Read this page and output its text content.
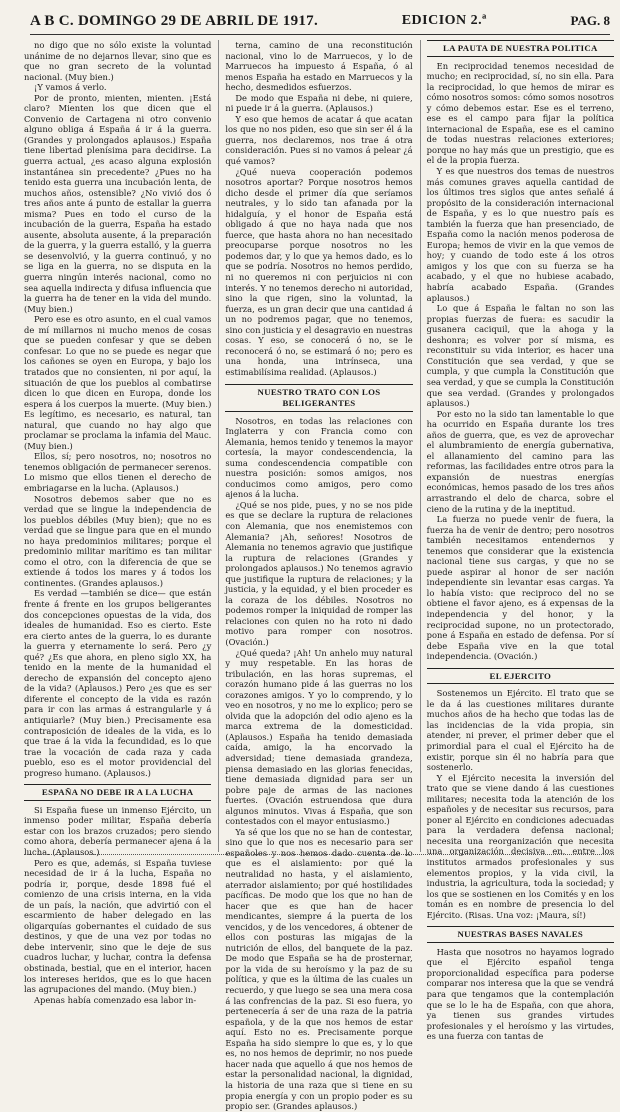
A B C. DOMINGO 29 DE ABRIL DE 1917.	EDICION 2.ª	PAG. 8

no digo que no sólo existe la voluntad unánime de no dejarnos llevar, sino que es que no gran secreto de la voluntad nacional. (Muy bien.)

¡Y vamos á verlo.

Por de pronto, mienten, mienten. ¡Está claro? Mienten los que dicen que el Convenio de Cartagena ni otro convenio alguno obliga á España á ir á la guerra. (Grandes y prolongados aplausos.) España tiene libertad plenísima para decidirse. La guerra actual, ¿es acaso alguna explosión instantánea sin precedente? ¿Pues no ha tenido esta guerra una incubación lenta, de muchos años, ostensible? ¿No vivió dos ó tres años ante á punto de estallar la guerra misma? Pues en todo el curso de la incubación de la guerra, España ha estado ausente, absoluta ausente, á la preparación de la guerra, y la guerra estalló, y la guerra se desenvolvió, y la guerra continuó, y no se liga en la guerra, no se disputa en la guerra ningún interés nacional, como no sea aquella indirecta y difusa influencia que la guerra ha de tener en la vida del mundo. (Muy bien.)

Pero ese es otro asunto, en el cual vamos de mí millarnos ni mucho menos de cosas que se pueden confesar y que se deben confesar. Lo que no se puede es negar que los cañones se oyen en Europa, y bajo los tratados que no consienten, ni por aquí, la situación de que los pueblos al combatirse dicen lo que dicen en Europa, donde los espera á los cuerpos la muerte. (Muy bien.) Es legítimo, es necesario, es natural, tan natural, que cuando no hay algo que proclamar se proclama la infamia del Mauc. (Muy bien.)

Ellos, sí; pero nosotros, no; nosotros no tenemos obligación de permanecer serenos. Lo mismo que ellos tienen el derecho de embriagarse en la lucha. (Aplausos.)

Nosotros debemos saber que no es verdad que se lingue la independencia de los pueblos débiles (Muy bien); que no es verdad que se lingue para que en el mundo no haya predominios militares; porque el predominio militar marítimo es tan militar como el otro, con la diferencia de que se extiende á todos los mares y á todos los continentes. (Grandes aplausos.)

Es verdad —también se dice— que están frente á frente en los grupos beligerantes dos concepciones opuestas de la vida, dos ideales de humanidad. Eso es cierto. Este era cierto antes de la guerra, lo es durante la guerra y eternamente lo será. Pero ¿y qué? ¿Es que ahora, en pleno siglo XX, ha tenido en la mente de la humanidad el derecho de expansión del concepto ajeno de la vida? (Aplausos.) Pero ¿es que es ser diferente el concepto de la vida es razón para ir con las armas á estrangularle y á antiquiarle? (Muy bien.) Precisamente esa contraposición de ideales de la vida, es lo que trae á la vida la fecundidad, es lo que trae la vocación de cada raza y cada pueblo, eso es el motor providencial del progreso humano. (Aplausos.)

ESPAÑA NO DEBE IR A LA LUCHA

Si España fuese un inmenso Ejército, un inmenso poder militar, España debería estar con los brazos cruzados; pero siendo como ahora, debería permanecer ajena á la lucha. (Aplausos.)

Pero es que, además, si España tuviese necesidad de ir á la lucha, España no podría ir, porque, desde 1898 fué el comienzo de una crisis interna, en la vida de un país, la nación, que advirtió con el escarmiento de haber delegado en las oligarquías gobernantes el cuidado de sus destinos, y que de una vez por todas no debe intervenir, sino que le deje de sus cuadros luchar, y luchar, contra la defensa obstinada, bestial, que en el interior, hacen los intereses heridos, que es lo que hacen las agrupaciones del mando. (Muy bien.)

Apenas había comenzado esa labor in-

terna, camino de una reconstitución nacional, vino lo de Marruecos, y lo de Marruecos ha impuesto á España, ó al menos España ha estado en Marruecos y la hecho, desmedidos esfuerzos.

De modo que España ni debe, ni quiere, ni puede ir á la guerra. (Aplausos.)

Y eso que hemos de acatar á que acatan los que no nos piden, eso que sin ser él á la guerra, nos declaremos, nos trae á otra consideración. Pues si no vamos á pelear ¿á qué vamos?

¿Qué nueva cooperación podemos nosotros aportar? Porque nosotros hemos dicho desde el primer día que seríamos neutrales, y lo sido tan afanada por la hidalguía, y el honor de España está obligado á que no haya nada que nos fuerce, que hasta ahora no han necesitado preocuparse porque nosotros no les podemos dar, y lo que ya hemos dado, es lo que se podría. Nosotros no hemos perdido, ni no queremos ni con perjuicios ni con interés. Y no tenemos derecho ni autoridad, sino la que rigen, sino la voluntad, la fuerza, es un gran decir que una cantidad á un no podremos pagar, que no tenemos, sino con justicia y el desagravio en nuestras cosas. Y eso, se conocerá ó no, se le reconocerá ó no, se estimará ó no; pero es una honda, una intrínseca, una estimabilísima realidad. (Aplausos.)

NUESTRO TRATO CON LOS BELIGERANTES

Nosotros, en todas las relaciones con Inglaterra y con Francia como con Alemania, hemos tenido y tenemos la mayor cortesía, la mayor condescendencia, la suma condescendencia compatible con nuestra posición: somos amigos, nos conducimos como amigos, pero como ajenos á la lucha.

¿Qué se nos pide, pues, y no se nos pide es que se declare la ruptura de relaciones con Alemania, que nos enemistemos con Alemania? ¡Ah, señores! Nosotros de Alemania no tenemos agravio que justifique la ruptura de relaciones (Grandes y prolongados aplausos.) No tenemos agravio que justifique la ruptura de relaciones; y la justicia, y la equidad, y el bien proceder es la coraza de los débiles. Nosotros no podemos romper la iniquidad de romper las relaciones con quien no ha roto ni dado motivo para romper con nosotros. (Ovación.)

¿Qué queda? ¡Ah! Un anhelo muy natural y muy respetable. En las horas de tribulación, en las horas supremas, el corazón humano pide á las guerras no los corazones amigos. Y yo lo comprendo, y lo veo en nosotros, y no me lo explico; pero se olvida que la adopción del odio ajeno es la marca extrema de la domesticidad. (Aplausos.) España ha tenido demasiada caída, amigo, la ha encorvado la adversidad; tiene demasiada grandeza, piensa demasiado en las glorias fenecidas, tiene demasiada dignidad para ser un pobre paje de armas de las naciones fuertes. (Ovación estruendosa que dura algunos minutos. Vivas á España, que son contestados con el mayor entusiasmo.)

Ya sé que los que no se han de contestar, sino que lo que nos es necesario para ser españoles y nos hemos dado cuenta de lo que es el aislamiento: por qué la neutralidad no hasta, y el aislamiento, aterrador aislamiento; por qué hostilidades pacíficas. De modo que los que no han de hacer que es que han de hacer mendicantes, siempre á la puerta de los vencidos, y de los vencedores, á obtener de ellos con posturas las migajas de la nutrición de ellos, del banquete de la paz. De modo que España se ha de prosternar, por la vida de su heroísmo y la paz de su política, y que es la última de las cuales un recuerdo, y que luego se sea una mera cosa á las confrencias de la paz. Si eso fuera, yo pertenecería á ser de una raza de la patria española, y de la que nos hemos de estar aquí. Esto no es. Precisamente porque España ha sido siempre lo que es, y lo que es, no nos hemos de deprimir, no nos puede hacer nada que aquello á que nos hemos de estar la personalidad nacional, la dignidad, la historia de una raza que si tiene en su propia energía y con un propio poder es su propio ser. (Grandes aplausos.)

LA PAUTA DE NUESTRA POLITICA

En reciprocidad tenemos necesidad de mucho; en reciprocidad, sí, no sin ella. Para la reciprocidad, lo que hemos de mirar es cómo nosotros somos: cómo somos nosotros y cómo debemos estar. Ese es el terreno, ese es el campo para fijar la política internacional de España, ese es el camino de todas nuestras relaciones exteriores; porque no hay más que un prestigio, que es el de la propia fuerza.

Y es que nuestros dos temas de nuestros más comunes graves aquella cantidad de los últimos tres siglos que antes señalé á propósito de la consideración internacional de España, y es lo que nuestro país es también la fuerza que han presenciado, de España como la nación menos poderosa de Europa; hemos de vivir en la que vemos de hoy; y cuando de todo este á los otros amigos y los que con su fuerza se ha acabado, y el que no hubiese acabado, habría acabado España. (Grandes aplausos.)

Lo que á España le faltan no son las propias fuerzas de fuera: es sacudir la gusanera caciquil, que la ahoga y la deshonra; es volver por sí misma, es reconstituir su vida interior, es hacer una Constitución que sea verdad, y que se cumpla, y que cumpla la Constitución que sea verdad, y que se cumpla la Constitución que sea verdad. (Grandes y prolongados aplausos.)

Por esto no la sido tan lamentable lo que ha ocurrido en España durante los tres años de guerra, que, es vez de aprovechar el alumbramiento de energía gubernativa, el allanamiento del camino para las reformas, las facilidades entre otros para la expansión de nuestras energías económicas, hemos pasado de los tres años arrastrando el delo de charca, sobre el cieno de la rutina y de la ineptitud.

La fuerza no puede venir de fuera, la fuerza ha de venir de dentro; pero nosotros también necesitamos entendernos y tenemos que considerar que la existencia nacional tiene sus cargas, y que no se puede aspirar al honor de ser nación independiente sin levantar esas cargas. Ya lo había visto: que reciproco del no se obtiene el favor ajeno, es á expensas de la independencia y del honor, y la reciprocidad supone, no un protectorado, pone á España en estado de defensa. Por sí debe España vive en la que total independencia. (Ovación.)

EL EJERCITO

Sostenemos un Ejército. El trato que se le da á las cuestiones militares durante muchos años de ha hecho que todas las de las incidencias de la vida propia, sin atender, ni prever, el primer deber que el primordial para el cual el Ejército ha de existir, porque sin él no habría para que sostenerlo.

Y el Ejército necesita la inversión del trato que se viene dando á las cuestiones militares; necesita toda la atención de los españoles y de necesitar sus recursos, para poner al Ejército en condiciones adecuadas para la verdadera defensa nacional; necesita una reorganización que necesita una organización decisiva en, entre los institutos armados profesionales y sus elementos propios, y la vida civil, la industria, la agricultura, toda la sociedad; y los que se sostienen en los Comités y en los tomán es en nombre de presencia lo del Ejército. (Risas. Una voz: ¡Maura, sí!)

NUESTRAS BASES NAVALES

Hasta que nosotros no hayamos logrado que el Ejército español tenga proporcionalidad específica para poderse comparar nos interesa que la que se vendrá para que tengamos que la contemplación que se lo le ha de España, con que ahora, ya tienen sus grandes virtudes profesionales y el heroísmo y las virtudes, es una fuerza con tantas de
